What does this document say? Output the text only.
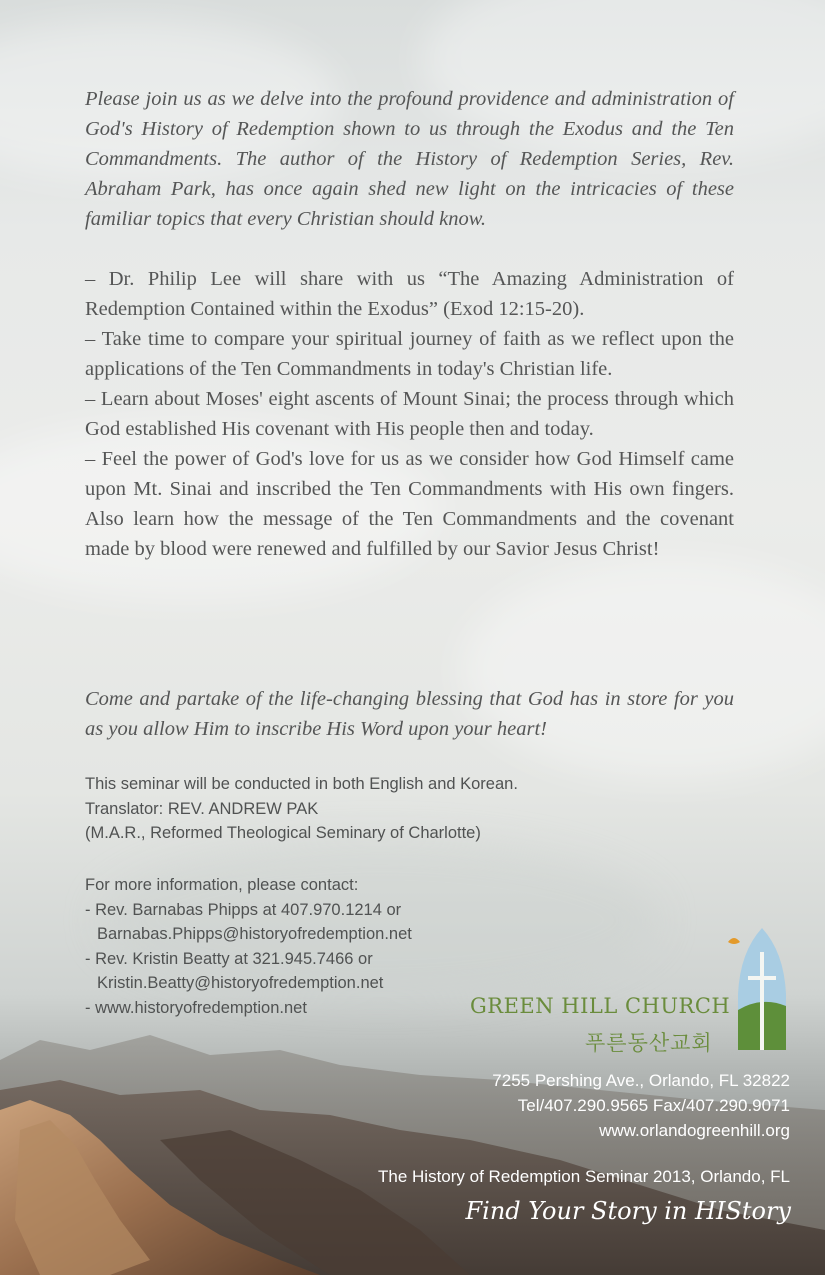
Please join us as we delve into the profound providence and administration of God's History of Redemption shown to us through the Exodus and the Ten Commandments. The author of the History of Redemption Series, Rev. Abraham Park, has once again shed new light on the intricacies of these familiar topics that every Christian should know.

– Dr. Philip Lee will share with us “The Amazing Administration of Redemption Contained within the Exodus” (Exod 12:15-20).

– Take time to compare your spiritual journey of faith as we reflect upon the applications of the Ten Commandments in today's Christian life.

– Learn about Moses' eight ascents of Mount Sinai; the process through which God established His covenant with His people then and today.

– Feel the power of God's love for us as we consider how God Himself came upon Mt. Sinai and inscribed the Ten Commandments with His own fingers. Also learn how the message of the Ten Commandments and the covenant made by blood were renewed and fulfilled by our Savior Jesus Christ!

Come and partake of the life-changing blessing that God has in store for you as you allow Him to inscribe His Word upon your heart!

This seminar will be conducted in both English and Korean.
Translator: REV. ANDREW PAK
(M.A.R., Reformed Theological Seminary of Charlotte)
For more information, please contact:
- Rev. Barnabas Phipps at 407.970.1214 or
Barnabas.Phipps@historyofredemption.net
- Rev. Kristin Beatty at 321.945.7466 or
Kristin.Beatty@historyofredemption.net
- www.historyofredemption.net	GREEN HILL CHURCH
푸른동산교회
7255 Pershing Ave., Orlando, FL 32822
Tel/407.290.9565 Fax/407.290.9071
www.orlandogreenhill.org
The History of Redemption Seminar 2013, Orlando, FL
Find Your Story in HIStory
